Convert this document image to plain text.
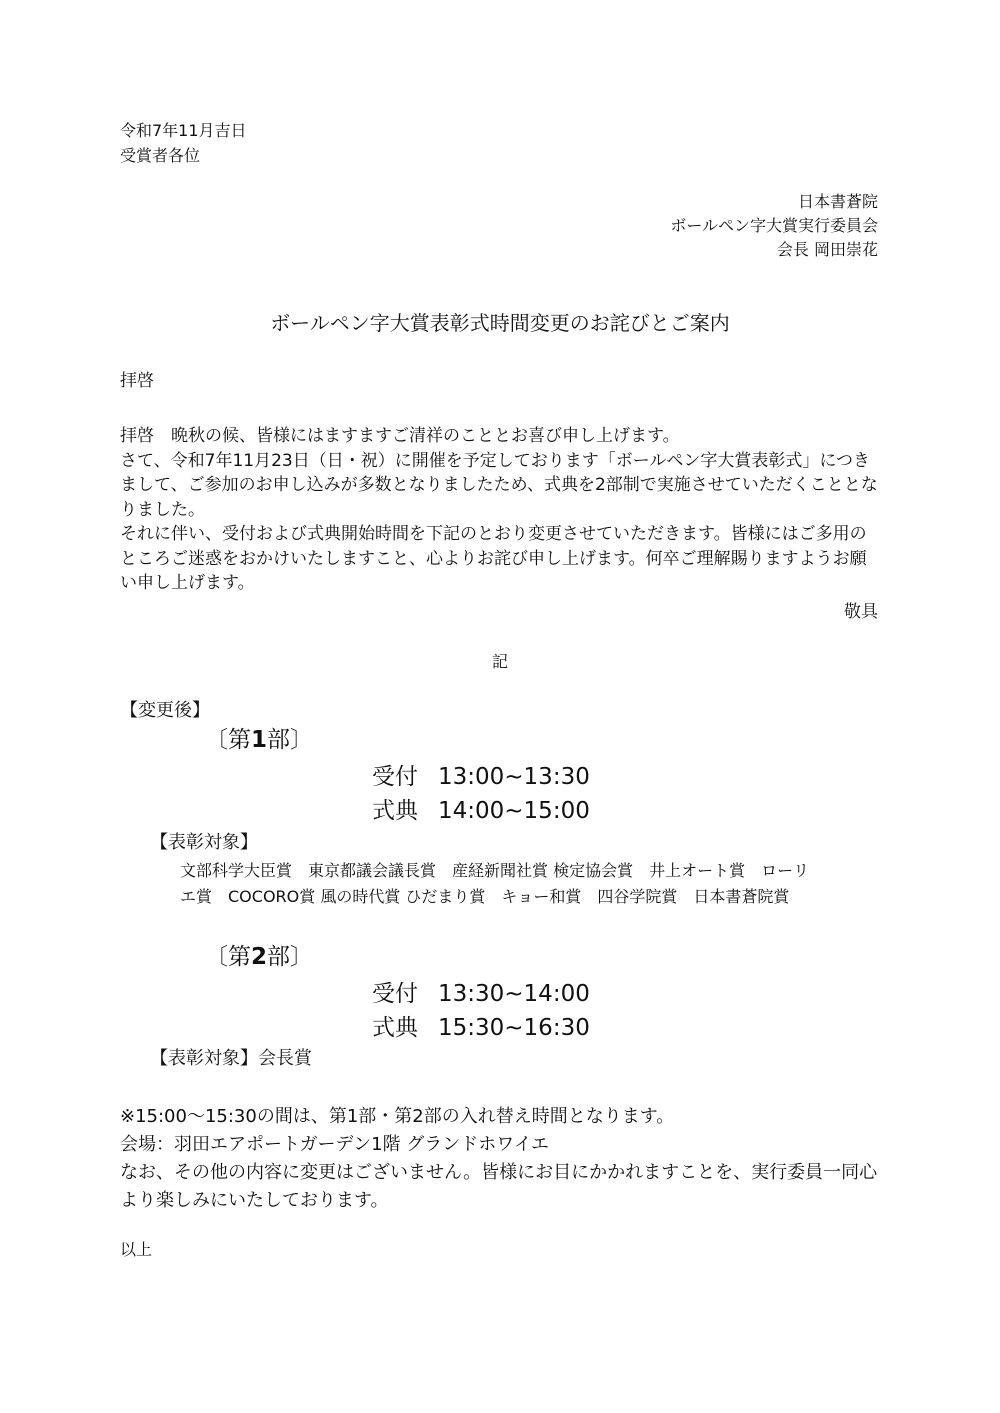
令和7年11月吉日
受賞者各位
日本書蒼院
ボールペン字大賞実行委員会
会長 岡田崇花
ボールペン字大賞表彰式時間変更のお詫びとご案内
拝啓
拝啓　晩秋の候、皆様にはますますご清祥のこととお喜び申し上げます。
さて、令和7年11月23日（日・祝）に開催を予定しております「ボールペン字大賞表彰式」につきまして、ご参加のお申し込みが多数となりましたため、式典を2部制で実施させていただくこととなりました。
それに伴い、受付および式典開始時間を下記のとおり変更させていただきます。皆様にはご多用のところご迷惑をおかけいたしますこと、心よりお詫び申し上げます。何卒ご理解賜りますようお願い申し上げます。
敬具
記
【変更後】
〔第1部〕
受付 13:00~13:30
式典 14:00~15:00
【表彰対象】
文部科学大臣賞　東京都議会議長賞　産経新聞社賞 検定協会賞　井上オート賞　ローリ
エ賞　COCORO賞 風の時代賞 ひだまり賞　キョー和賞　四谷学院賞　日本書蒼院賞
〔第2部〕
受付 13:30~14:00
式典 15:30~16:30
【表彰対象】会長賞
※15:00～15:30の間は、第1部・第2部の入れ替え時間となります。
会場：羽田エアポートガーデン1階 グランドホワイエ
なお、その他の内容に変更はございません。皆様にお目にかかれますことを、実行委員一同心より楽しみにいたしております。
以上
